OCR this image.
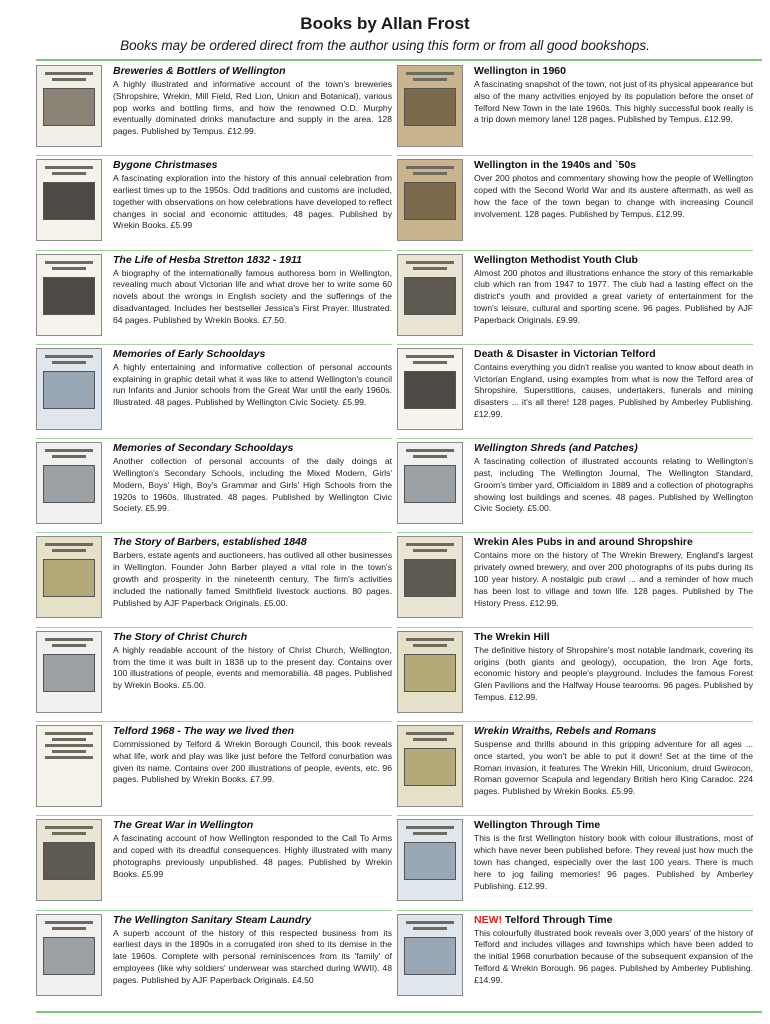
Books by Allan Frost
Books may be ordered direct from the author using this form or from all good bookshops.
Breweries & Bottlers of Wellington
A highly illustrated and informative account of the town's breweries (Shropshire, Wrekin, Mill Field, Red Lion, Union and Botanical), various pop works and bottling firms, and how the renowned O.D. Murphy eventually dominated drinks manufacture and supply in the area. 128 pages. Published by Tempus. £12.99.
Bygone Christmases
A fascinating exploration into the history of this annual celebration from earliest times up to the 1950s. Odd traditions and customs are included, together with observations on how celebrations have developed to reflect changes in social and economic attitudes. 48 pages. Published by Wrekin Books. £5.99
The Life of Hesba Stretton 1832 - 1911
A biography of the internationally famous authoress born in Wellington, revealing much about Victorian life and what drove her to write some 60 novels about the wrongs in English society and the sufferings of the disadvantaged. Includes her bestseller Jessica's First Prayer. Illustrated. 64 pages. Published by Wrekin Books. £7.50.
Memories of Early Schooldays
A highly entertaining and informative collection of personal accounts explaining in graphic detail what it was like to attend Wellington's council run Infants and Junior schools from the Great War until the early 1960s. Illustrated. 48 pages. Published by Wellington Civic Society. £5.99.
Memories of Secondary Schooldays
Another collection of personal accounts of the daily doings at Wellington's Secondary Schools, including the Mixed Modern, Girls' Modern, Boys' High, Boy's Grammar and Girls' High Schools from the 1920s to 1960s. Illustrated. 48 pages. Published by Wellington Civic Society. £5.99.
The Story of Barbers, established 1848
Barbers, estate agents and auctioneers, has outlived all other businesses in Wellington. Founder John Barber played a vital role in the town's growth and prosperity in the nineteenth century. The firm's activities included the nationally famed Smithfield livestock auctions. 80 pages. Published by AJF Paperback Originals. £5.00.
The Story of Christ Church
A highly readable account of the history of Christ Church, Wellington, from the time it was built in 1838 up to the present day. Contains over 100 illustrations of people, events and memorabilia. 48 pages. Published by Wrekin Books. £5.00.
Telford 1968 - The way we lived then
Commissioned by Telford & Wrekin Borough Council, this book reveals what life, work and play was like just before the Telford conurbation was given its name. Contains over 200 illustrations of people, events, etc. 96 pages. Published by Wrekin Books. £7.99.
The Great War in Wellington
A fascinating account of how Wellington responded to the Call To Arms and coped with its dreadful consequences. Highly illustrated with many photographs previously unpublished. 48 pages. Published by Wrekin Books. £5.99
The Wellington Sanitary Steam Laundry
A superb account of the history of this respected business from its earliest days in the 1890s in a corrugated iron shed to its demise in the late 1960s. Complete with personal reminiscences from its 'family' of employees (like why soldiers' underwear was starched during WWII). 48 pages. Published by AJF Paperback Originals. £4.50
Wellington in 1960
A fascinating snapshot of the town, not just of its physical appearance but also of the many activities enjoyed by its population before the onset of Telford New Town in the late 1960s. This highly successful book really is a trip down memory lane! 128 pages. Published by Tempus. £12.99.
Wellington in the 1940s and `50s
Over 200 photos and commentary showing how the people of Wellington coped with the Second World War and its austere aftermath, as well as how the face of the town began to change with increasing Council involvement. 128 pages. Published by Tempus. £12.99.
Wellington Methodist Youth Club
Almost 200 photos and illustrations enhance the story of this remarkable club which ran from 1947 to 1977. The club had a lasting effect on the district's youth and provided a great variety of entertainment for the town's leisure, cultural and sporting scene. 96 pages. Published by AJF Paperback Originals. £9.99.
Death & Disaster in Victorian Telford
Contains everything you didn't realise you wanted to know about death in Victorian England, using examples from what is now the Telford area of Shropshire. Superstitions, causes, undertakers, funerals and mining disasters ... it's all there! 128 pages. Published by Amberley Publishing. £12.99.
Wellington Shreds (and Patches)
A fascinating collection of illustrated accounts relating to Wellington's past, including The Wellington Journal, The Wellington Standard, Groom's timber yard, Officialdom in 1889 and a collection of photographs showing lost buildings and scenes. 48 pages. Published by Wellington Civic Society. £5.00.
Wrekin Ales Pubs in and around Shropshire
Contains more on the history of The Wrekin Brewery, England's largest privately owned brewery, and over 200 photographs of its pubs during its 100 year history. A nostalgic pub crawl ... and a reminder of how much has been lost to village and town life. 128 pages. Published by The History Press. £12.99.
The Wrekin Hill
The definitive history of Shropshire's most notable landmark, covering its origins (both giants and geology), occupation, the Iron Age forts, economic history and people's playground. Includes the famous Forest Glen Pavilions and the Halfway House tearooms. 96 pages. Published by Tempus. £12.99.
Wrekin Wraiths, Rebels and Romans
Suspense and thrills abound in this gripping adventure for all ages ... once started, you won't be able to put it down! Set at the time of the Roman invasion, it features The Wrekin Hill, Uriconium, druid Gwirocon, Roman governor Scapula and legendary British hero King Caradoc. 224 pages. Published by Wrekin Books. £5.99.
Wellington Through Time
This is the first Wellington history book with colour illustrations, most of which have never been published before. They reveal just how much the town has changed, especially over the last 100 years. There is much here to jog failing memories! 96 pages. Published by Amberley Publishing. £12.99.
NEW! Telford Through Time
This colourfully illustrated book reveals over 3,000 years' of the history of Telford and includes villages and townships which have been added to the initial 1968 conurbation because of the subsequent expansion of the Telford & Wrekin Borough. 96 pages. Published by Amberley Publishing. £14.99.
